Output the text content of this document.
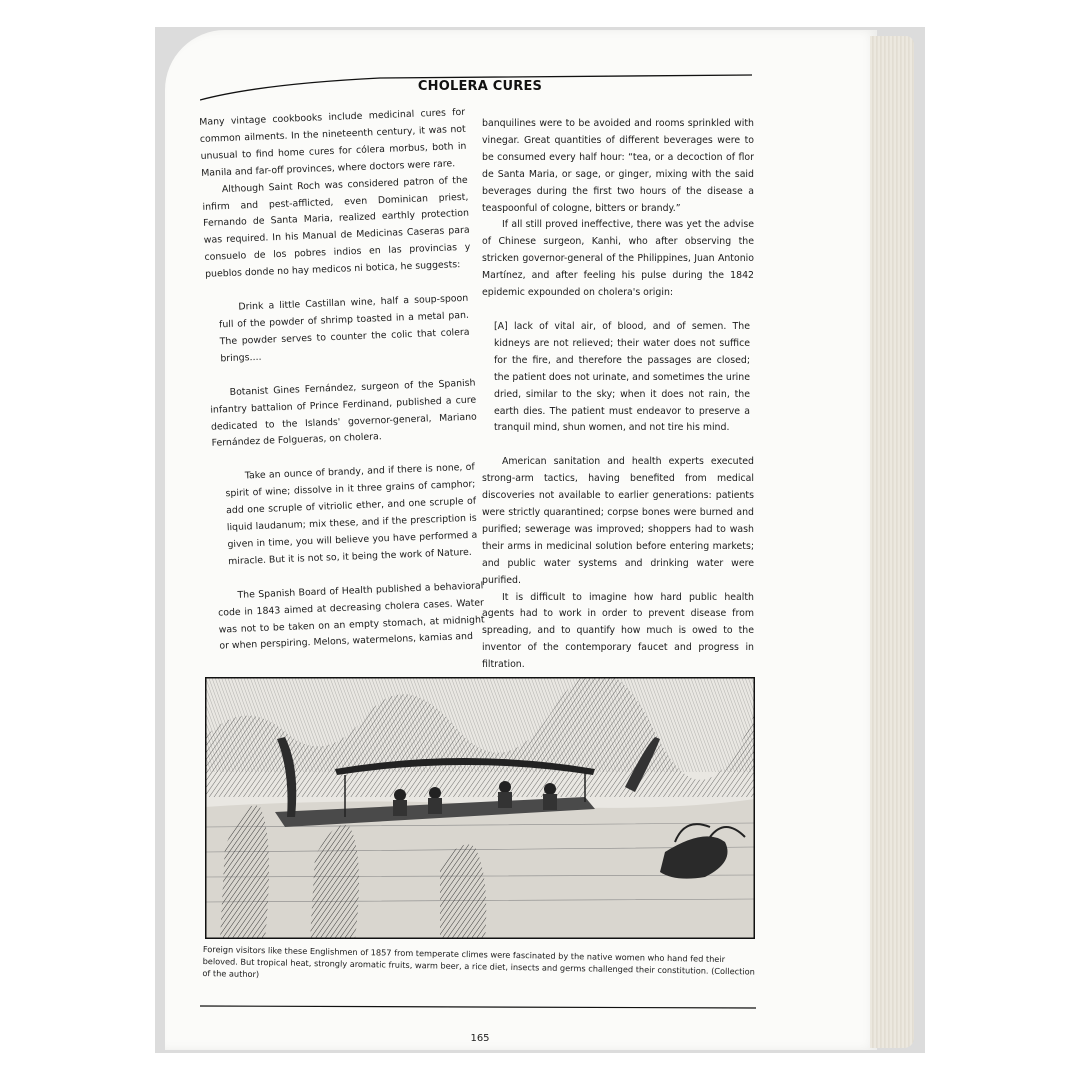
CHOLERA CURES

Many vintage cookbooks include medicinal cures for common ailments. In the nineteenth century, it was not unusual to find home cures for cólera morbus, both in Manila and far-off provinces, where doctors were rare.

Although Saint Roch was considered patron of the infirm and pest-afflicted, even Dominican priest, Fernando de Santa Maria, realized earthly protection was required. In his Manual de Medicinas Caseras para consuelo de los pobres indios en las provincias y pueblos donde no hay medicos ni botica, he suggests:

Drink a little Castillan wine, half a soup-spoon full of the powder of shrimp toasted in a metal pan. The powder serves to counter the colic that colera brings....

Botanist Gines Fernández, surgeon of the Spanish infantry battalion of Prince Ferdinand, published a cure dedicated to the Islands' governor-general, Mariano Fernández de Folgueras, on cholera.

Take an ounce of brandy, and if there is none, of spirit of wine; dissolve in it three grains of camphor; add one scruple of vitriolic ether, and one scruple of liquid laudanum; mix these, and if the prescription is given in time, you will believe you have performed a miracle. But it is not so, it being the work of Nature.

The Spanish Board of Health published a behavioral code in 1843 aimed at decreasing cholera cases. Water was not to be taken on an empty stomach, at midnight or when perspiring. Melons, watermelons, kamias and

banquilines were to be avoided and rooms sprinkled with vinegar. Great quantities of different beverages were to be consumed every half hour: “tea, or a decoction of flor de Santa Maria, or sage, or ginger, mixing with the said beverages during the first two hours of the disease a teaspoonful of cologne, bitters or brandy.”

If all still proved ineffective, there was yet the advise of Chinese surgeon, Kanhi, who after observing the stricken governor-general of the Philippines, Juan Antonio Martínez, and after feeling his pulse during the 1842 epidemic expounded on cholera's origin:

[A] lack of vital air, of blood, and of semen. The kidneys are not relieved; their water does not suffice for the fire, and therefore the passages are closed; the patient does not urinate, and sometimes the urine dried, similar to the sky; when it does not rain, the earth dies. The patient must endeavor to preserve a tranquil mind, shun women, and not tire his mind.

American sanitation and health experts executed strong-arm tactics, having benefited from medical discoveries not available to earlier generations: patients were strictly quarantined; corpse bones were burned and purified; sewerage was improved; shoppers had to wash their arms in medicinal solution before entering markets; and public water systems and drinking water were purified.

It is difficult to imagine how hard public health agents had to work in order to prevent disease from spreading, and to quantify how much is owed to the inventor of the contemporary faucet and progress in filtration.

Foreign visitors like these Englishmen of 1857 from temperate climes were fascinated by the native women who hand fed their beloved. But tropical heat, strongly aromatic fruits, warm beer, a rice diet, insects and germs challenged their constitution. (Collection of the author)
165
